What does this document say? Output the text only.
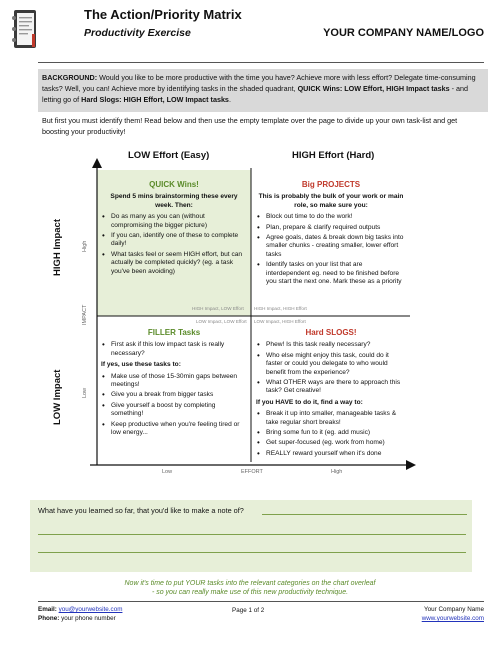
The Action/Priority Matrix
Productivity Exercise	YOUR COMPANY NAME/LOGO
BACKGROUND: Would you like to be more productive with the time you have? Achieve more with less effort? Delegate time-consuming tasks? Well, you can! Achieve more by identifying tasks in the shaded quadrant, QUICK Wins: LOW Effort, HIGH Impact tasks - and letting go of Hard Slogs: HIGH Effort, LOW Impact tasks.
But first you must identify them! Read below and then use the empty template over the page to divide up your own task-list and get boosting your productivity!
LOW Effort (Easy)	HIGH Effort (Hard)
HIGH Impact
LOW Impact
High
IMPACT
Low
Low	EFFORT	High
HIGH Impact, LOW Effort HIGH Impact, HIGH Effort
LOW Impact, LOW Effort LOW Impact, HIGH Effort
QUICK Wins!
Spend 5 mins brainstorming these every week. Then:
• Do as many as you can (without compromising the bigger picture)
• If you can, identify one of these to complete daily!
• What tasks feel or seem HIGH effort, but can actually be completed quickly? (eg. a task you've been avoiding)
Big PROJECTS
This is probably the bulk of your work or main role, so make sure you:
• Block out time to do the work!
• Plan, prepare & clarify required outputs
• Agree goals, dates & break down big tasks into smaller chunks - creating smaller, lower effort tasks
• Identify tasks on your list that are interdependent eg. need to be finished before you start the next one. Mark these as a priority
FILLER Tasks
• First ask if this low impact task is really necessary?
If yes, use these tasks to:
• Make use of those 15-30min gaps between meetings!
• Give you a break from bigger tasks
• Give yourself a boost by completing something!
• Keep productive when you're feeling tired or low energy...
Hard SLOGS!
• Phew! Is this task really necessary?
• Who else might enjoy this task, could do it faster or could you delegate to who would benefit from the experience?
• What OTHER ways are there to approach this task? Get creative!
If you HAVE to do it, find a way to:
• Break it up into smaller, manageable tasks & take regular short breaks!
• Bring some fun to it (eg. add music)
• Get super-focused (eg. work from home)
• REALLY reward yourself when it's done
What have you learned so far, that you'd like to make a note of?
Now it's time to put YOUR tasks into the relevant categories on the chart overleaf
- so you can really make use of this new productivity technique.
Email: you@yourwebsite.com
Phone: your phone number
Page 1 of 2	Your Company Name
www.yourwebsite.com
